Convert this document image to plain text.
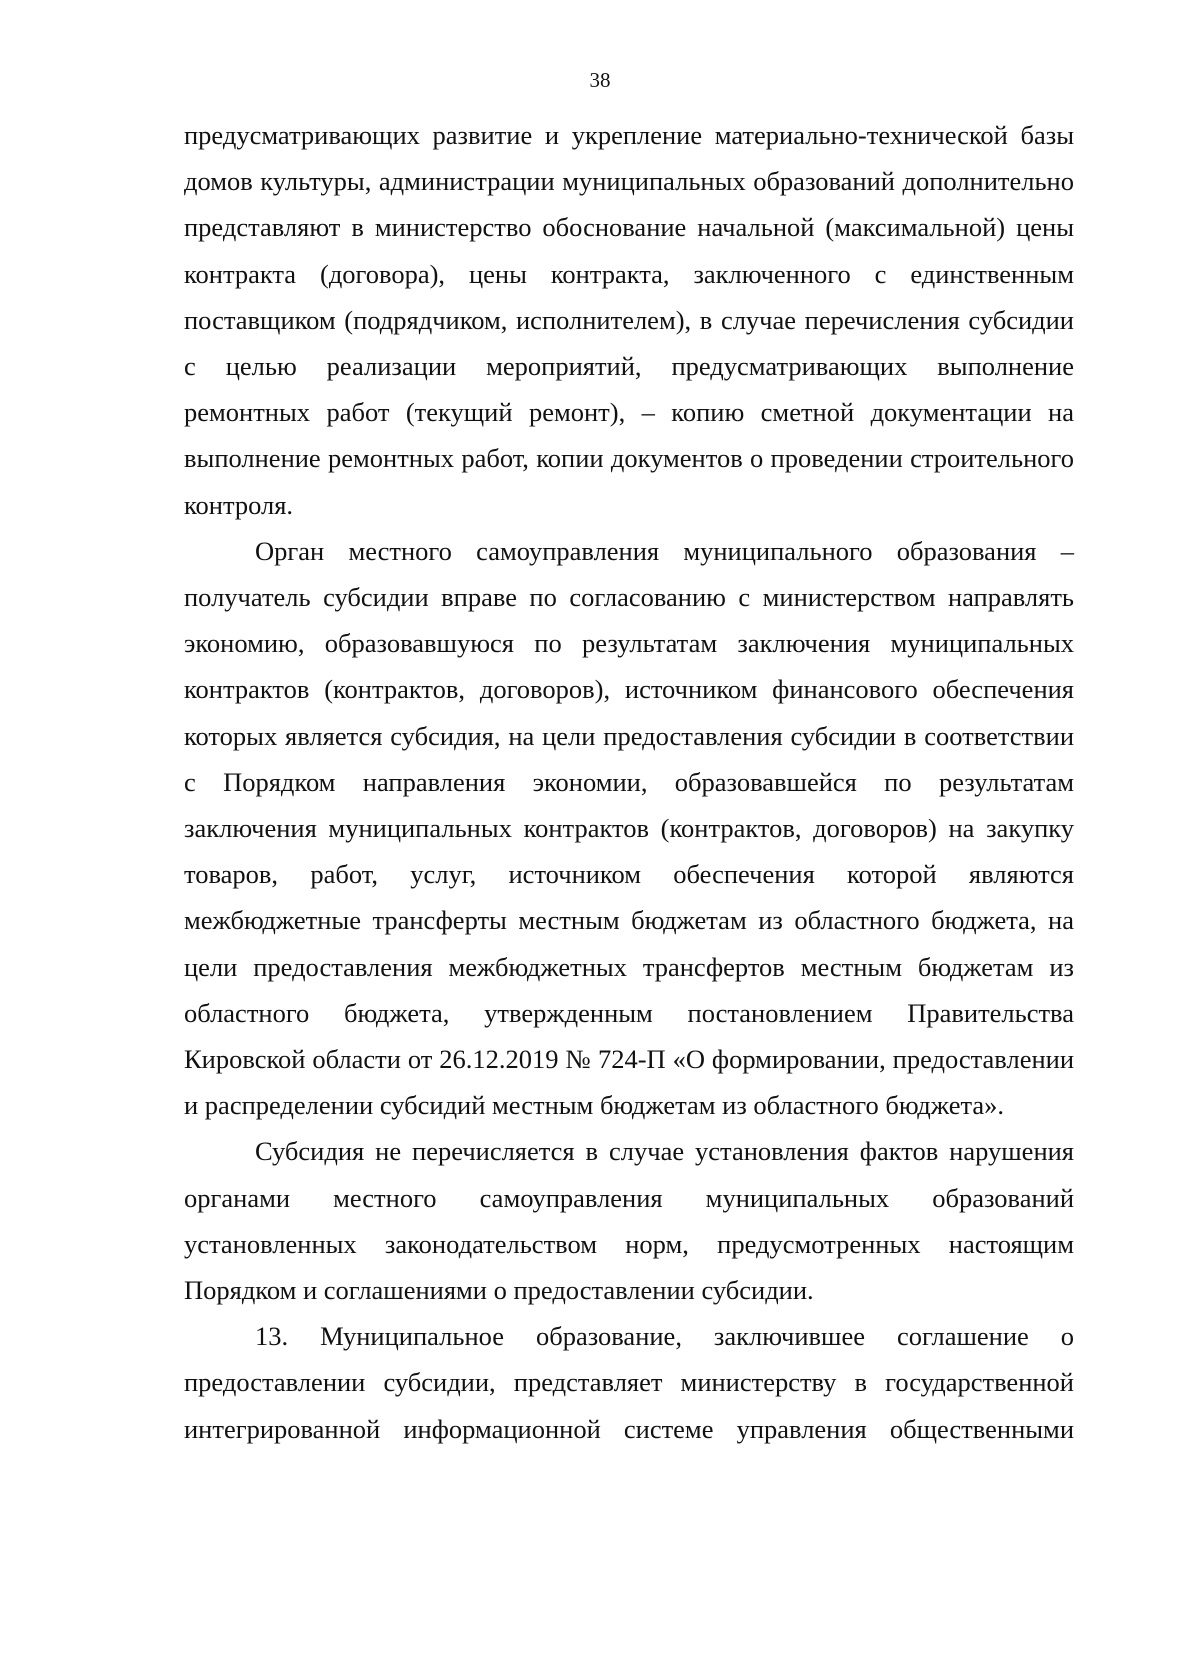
38

предусматривающих развитие и укрепление материально-технической базы домов культуры, администрации муниципальных образований дополнительно представляют в министерство обоснование начальной (максимальной) цены контракта (договора), цены контракта, заключенного с единственным поставщиком (подрядчиком, исполнителем), в случае перечисления субсидии с целью реализации мероприятий, предусматривающих выполнение ремонтных работ (текущий ремонт), – копию сметной документации на выполнение ремонтных работ, копии документов о проведении строительного контроля.

Орган местного самоуправления муниципального образования – получатель субсидии вправе по согласованию с министерством направлять экономию, образовавшуюся по результатам заключения муниципальных контрактов (контрактов, договоров), источником финансового обеспечения которых является субсидия, на цели предоставления субсидии в соответствии с Порядком направления экономии, образовавшейся по результатам заключения муниципальных контрактов (контрактов, договоров) на закупку товаров, работ, услуг, источником обеспечения которой являются межбюджетные трансферты местным бюджетам из областного бюджета, на цели предоставления межбюджетных трансфертов местным бюджетам из областного бюджета, утвержденным постановлением Правительства Кировской области от 26.12.2019 № 724-П «О формировании, предоставлении и распределении субсидий местным бюджетам из областного бюджета».

Субсидия не перечисляется в случае установления фактов нарушения органами местного самоуправления муниципальных образований установленных законодательством норм, предусмотренных настоящим Порядком и соглашениями о предоставлении субсидии.

13. Муниципальное образование, заключившее соглашение о предоставлении субсидии, представляет министерству в государственной интегрированной информационной системе управления общественными
